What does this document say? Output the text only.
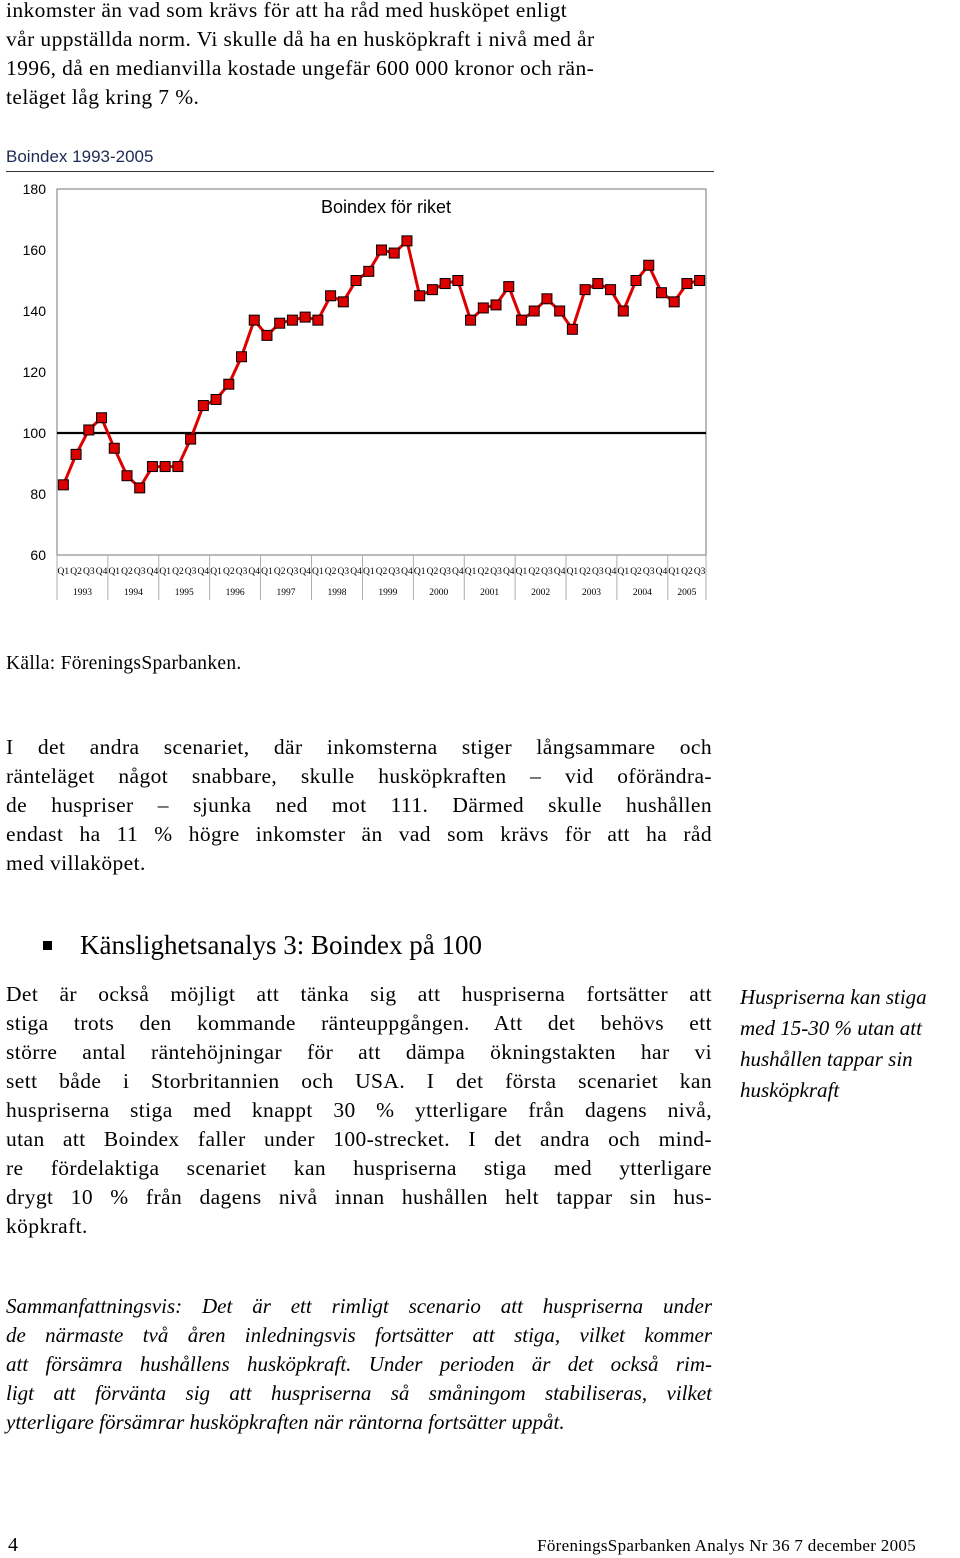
inkomster än vad som krävs för att ha råd med husköpet enligt
vår uppställda norm. Vi skulle då ha en husköpkraft i nivå med år
1996, då en medianvilla kostade ungefär 600 000 kronor och rän-
teläget låg kring 7 %.
Boindex 1993-2005
180
160
140
120
100
80
60
Boindex för riket
Q1 Q2 Q3 Q4 Q1 Q2 Q3 Q4 Q1 Q2 Q3 Q4 Q1 Q2 Q3 Q4 Q1 Q2 Q3 Q4 Q1 Q2 Q3 Q4 Q1 Q2 Q3 Q4 Q1 Q2 Q3 Q4 Q1 Q2 Q3 Q4 Q1 Q2 Q3 Q4 Q1 Q2 Q3 Q4 Q1 Q2 Q3 Q4 Q1 Q2 Q3
1993	1994	1995	1996	1997	1998	1999	2000	2001	2002	2003	2004	2005
Källa: FöreningsSparbanken.
I det andra scenariet, där inkomsterna stiger långsammare och
ränteläget något snabbare, skulle husköpkraften – vid oförändra-
de huspriser – sjunka ned mot 111. Därmed skulle hushållen
endast ha 11 % högre inkomster än vad som krävs för att ha råd
med villaköpet.
Känslighetsanalys 3: Boindex på 100
Det är också möjligt att tänka sig att huspriserna fortsätter att
stiga trots den kommande ränteuppgången. Att det behövs ett
större antal räntehöjningar för att dämpa ökningstakten har vi
sett både i Storbritannien och USA. I det första scenariet kan
huspriserna stiga med knappt 30 % ytterligare från dagens nivå,
utan att Boindex faller under 100-strecket. I det andra och mind-
re fördelaktiga scenariet kan huspriserna stiga med ytterligare
drygt 10 % från dagens nivå innan hushållen helt tappar sin hus-
köpkraft.
Huspriserna kan stiga med 15-30 % utan att hushållen tappar sin husköpkraft
Sammanfattningsvis: Det är ett rimligt scenario att huspriserna under
de närmaste två åren inledningsvis fortsätter att stiga, vilket kommer
att försämra hushållens husköpkraft. Under perioden är det också rim-
ligt att förvänta sig att huspriserna så småningom stabiliseras, vilket
ytterligare försämrar husköpkraften när räntorna fortsätter uppåt.
4	FöreningsSparbanken Analys Nr 36 7 december 2005
